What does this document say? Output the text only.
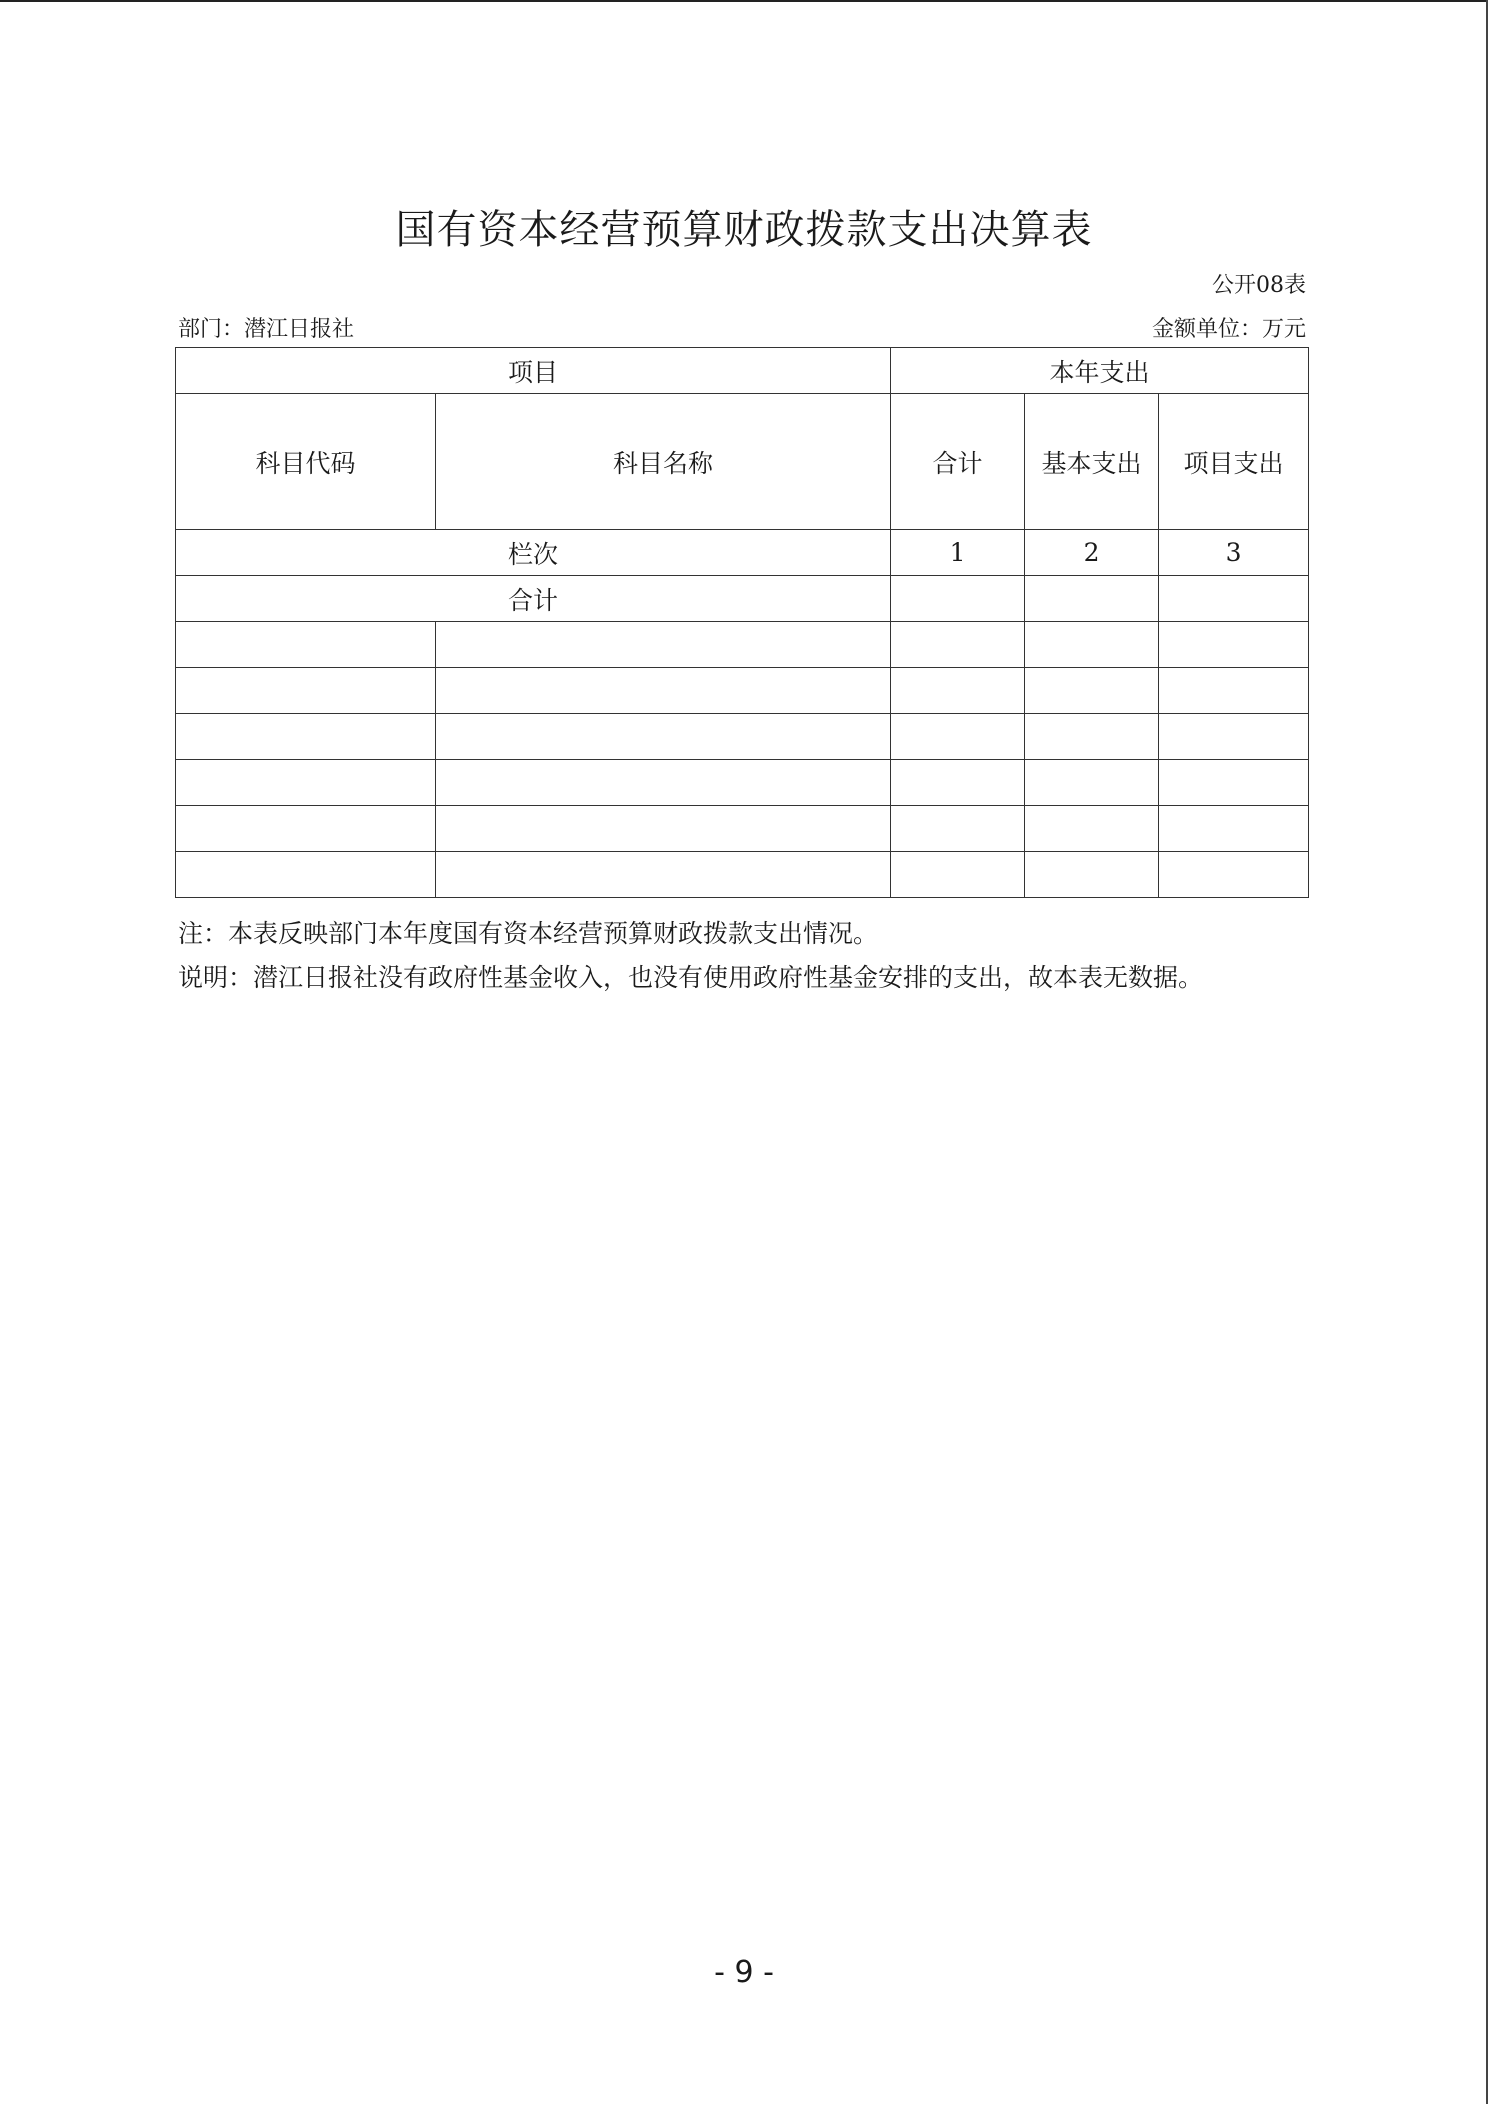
国有资本经营预算财政拨款支出决算表
公开08表
部门：潜江日报社	金额单位：万元
项目		本年支出		
科目代码	科目名称	合计	基本支出	项目支出
栏次		1	2	3
合计				

注：本表反映部门本年度国有资本经营预算财政拨款支出情况。
说明：潜江日报社没有政府性基金收入，也没有使用政府性基金安排的支出，故本表无数据。
- 9 -
